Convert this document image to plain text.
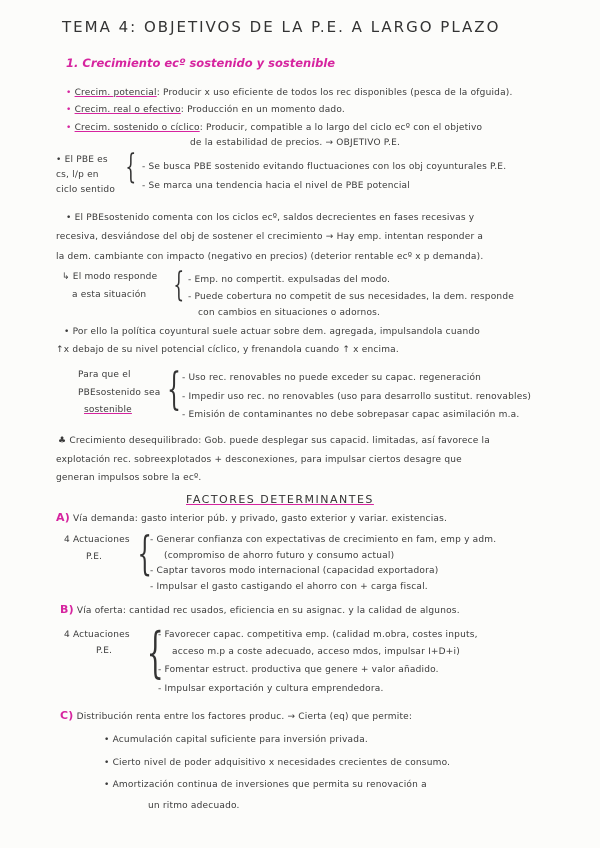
TEMA 4: OBJETIVOS DE LA P.E. A LARGO PLAZO
1. Crecimiento ecº sostenido y sostenible
• Crecim. potencial: Producir x uso eficiente de todos los rec disponibles (pesca de la ofguida).
• Crecim. real o efectivo: Producción en un momento dado.
• Crecim. sostenido o cíclico: Producir, compatible a lo largo del ciclo ecº con el objetivo
de la estabilidad de precios. → OBJETIVO P.E.
• El PBE es
cs, l/p en
ciclo sentido
{ - Se busca PBE sostenido evitando fluctuaciones con los obj coyunturales P.E.
- Se marca una tendencia hacia el nivel de PBE potencial
• El PBEsostenido comenta con los ciclos ecº, saldos decrecientes en fases recesivas y
recesiva, desviándose del obj de sostener el crecimiento → Hay emp. intentan responder a
la dem. cambiante con impacto (negativo en precios) (deterior rentable ecº x p demanda).
↳ El modo responde
a esta situación { - Emp. no compertit. expulsadas del modo.
- Puede cobertura no competit de sus necesidades, la dem. responde
con cambios en situaciones o adornos.
• Por ello la política coyuntural suele actuar sobre dem. agregada, impulsandola cuando
↑x debajo de su nivel potencial cíclico, y frenandola cuando ↑ x encima.
Para que el
PBEsostenido sea
sostenible { - Uso rec. renovables no puede exceder su capac. regeneración
- Impedir uso rec. no renovables (uso para desarrollo sustitut. renovables)
- Emisión de contaminantes no debe sobrepasar capac asimilación m.a.
♣ Crecimiento desequilibrado: Gob. puede desplegar sus capacid. limitadas, así favorece la
explotación rec. sobreexplotados + desconexiones, para impulsar ciertos desagre que
generan impulsos sobre la ecº.
FACTORES DETERMINANTES
A) Vía demanda: gasto interior púb. y privado, gasto exterior y variar. existencias.
4 Actuaciones
P.E. {
- Generar confianza con expectativas de crecimiento en fam, emp y adm.
(compromiso de ahorro futuro y consumo actual)
- Captar tavoros modo internacional (capacidad exportadora)
- Impulsar el gasto castigando el ahorro con + carga fiscal.
B) Vía oferta: cantidad rec usados, eficiencia en su asignac. y la calidad de algunos.
4 Actuaciones
P.E. {
- Favorecer capac. competitiva emp. (calidad m.obra, costes inputs,
acceso m.p a coste adecuado, acceso mdos, impulsar I+D+i)
- Fomentar estruct. productiva que genere + valor añadido.
- Impulsar exportación y cultura emprendedora.
C) Distribución renta entre los factores produc. → Cierta (eq) que permite:
• Acumulación capital suficiente para inversión privada.
• Cierto nivel de poder adquisitivo x necesidades crecientes de consumo.
• Amortización continua de inversiones que permita su renovación a
un ritmo adecuado.
